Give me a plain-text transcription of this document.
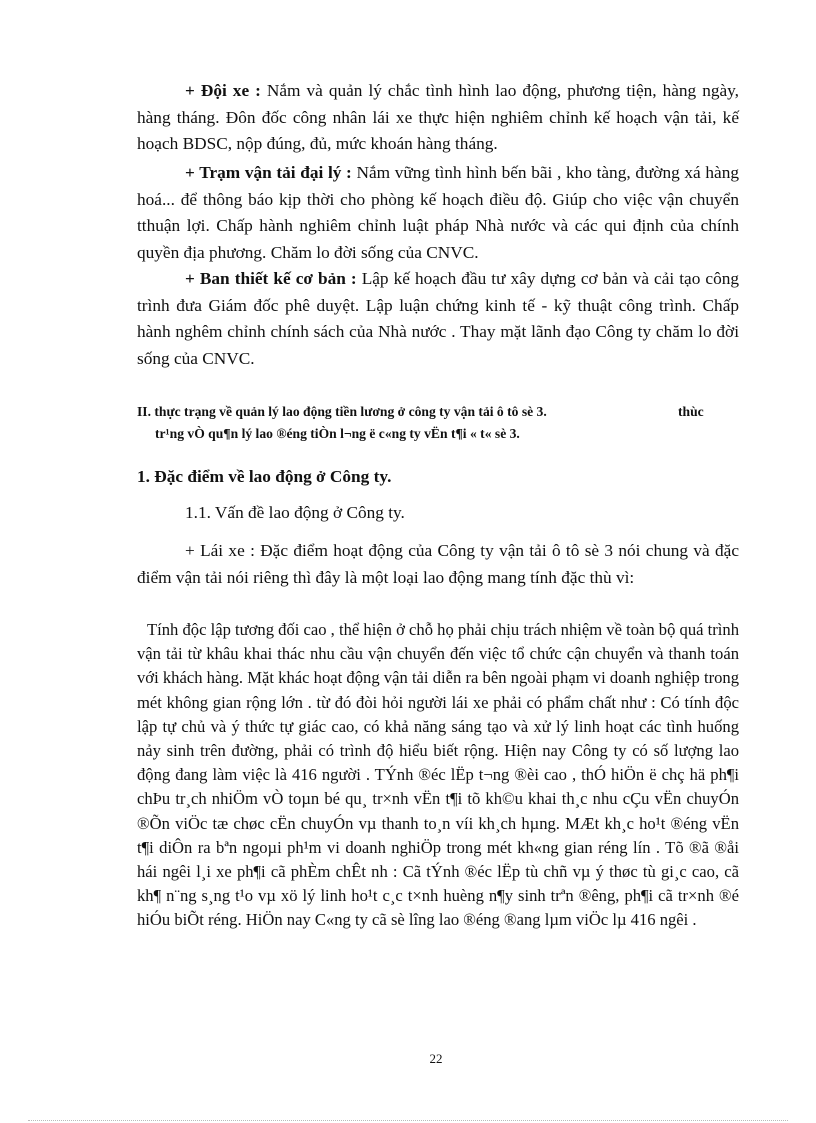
+ Đội xe : Nắm và quản lý chắc tình hình lao động, phương tiện, hàng ngày, hàng tháng. Đôn đốc công nhân lái xe thực hiện nghiêm chỉnh kế hoạch vận tải, kế hoạch BDSC, nộp đúng, đủ, mức khoán hàng tháng.

+ Trạm vận tải đại lý : Nắm vững tình hình bến bãi , kho tàng, đường xá hàng hoá... để thông báo kịp thời cho phòng kế hoạch điều độ. Giúp cho việc vận chuyển tthuận lợi. Chấp hành nghiêm chỉnh luật pháp Nhà nước và các qui định của chính quyền địa phương. Chăm lo đời sống của CNVC.

+ Ban thiết kế cơ bản : Lập kế hoạch đầu tư xây dựng cơ bản và cải tạo công trình đưa Giám đốc phê duyệt. Lập luận chứng kinh tế - kỹ thuật công trình. Chấp hành nghêm chỉnh chính sách của Nhà nước . Thay mặt lãnh đạo Công ty chăm lo đời sống của CNVC.

II. thực trạng về quản lý lao động tiền lương ở công ty vận tải ô tô sè 3.	thùc

tr¹ng vÒ qu¶n lý lao ®éng tiÒn l¬ng ë c«ng ty vËn t¶i « t« sè 3.

1. Đặc điểm về lao động ở Công ty.

1.1. Vấn đề lao động ở Công ty.

+ Lái xe : Đặc điểm hoạt động của Công ty vận tải ô tô sè 3 nói chung và đặc điểm vận tải nói riêng thì đây là một loại lao động mang tính đặc thù vì:

Tính độc lập tương đối cao , thể hiện ở chỗ họ phải chịu trách nhiệm về toàn bộ quá trình vận tải từ khâu khai thác nhu cầu vận chuyển đến việc tổ chức cận chuyển và thanh toán với khách hàng. Mặt khác hoạt động vận tải diễn ra bên ngoài phạm vi doanh nghiệp trong mét không gian rộng lớn . từ đó đòi hỏi người lái xe phải có phẩm chất như : Có tính độc lập tự chủ và ý thức tự giác cao, có khả năng sáng tạo và xử lý linh hoạt các tình huống nảy sinh trên đường, phải có trình độ hiểu biết rộng. Hiện nay Công ty có số lượng lao động đang làm việc là 416 người . TÝnh ®éc lËp t¬ng ®èi cao , thÓ hiÖn ë chç hä ph¶i chÞu tr¸ch nhiÖm vÒ toµn bé qu¸ tr×nh vËn t¶i tõ kh©u khai th¸c nhu cÇu vËn chuyÓn ®Õn viÖc tæ chøc cËn chuyÓn vµ thanh to¸n víi kh¸ch hµng. MÆt kh¸c ho¹t ®éng vËn t¶i diÔn ra bªn ngoµi ph¹m vi doanh nghiÖp trong mét kh«ng gian réng lín . Tõ ®ã ®åi hái ngêi l¸i xe ph¶i cã phÈm chÊt nh : Cã tÝnh ®éc lËp tù chñ vµ ý thøc tù gi¸c cao, cã kh¶ n¨ng s¸ng t¹o vµ xö lý linh ho¹t c¸c t×nh huèng n¶y sinh trªn ®êng, ph¶i cã tr×nh ®é hiÓu biÕt réng. HiÖn nay C«ng ty cã sè lîng lao ®éng ®ang lµm viÖc lµ 416 ngêi .

22
